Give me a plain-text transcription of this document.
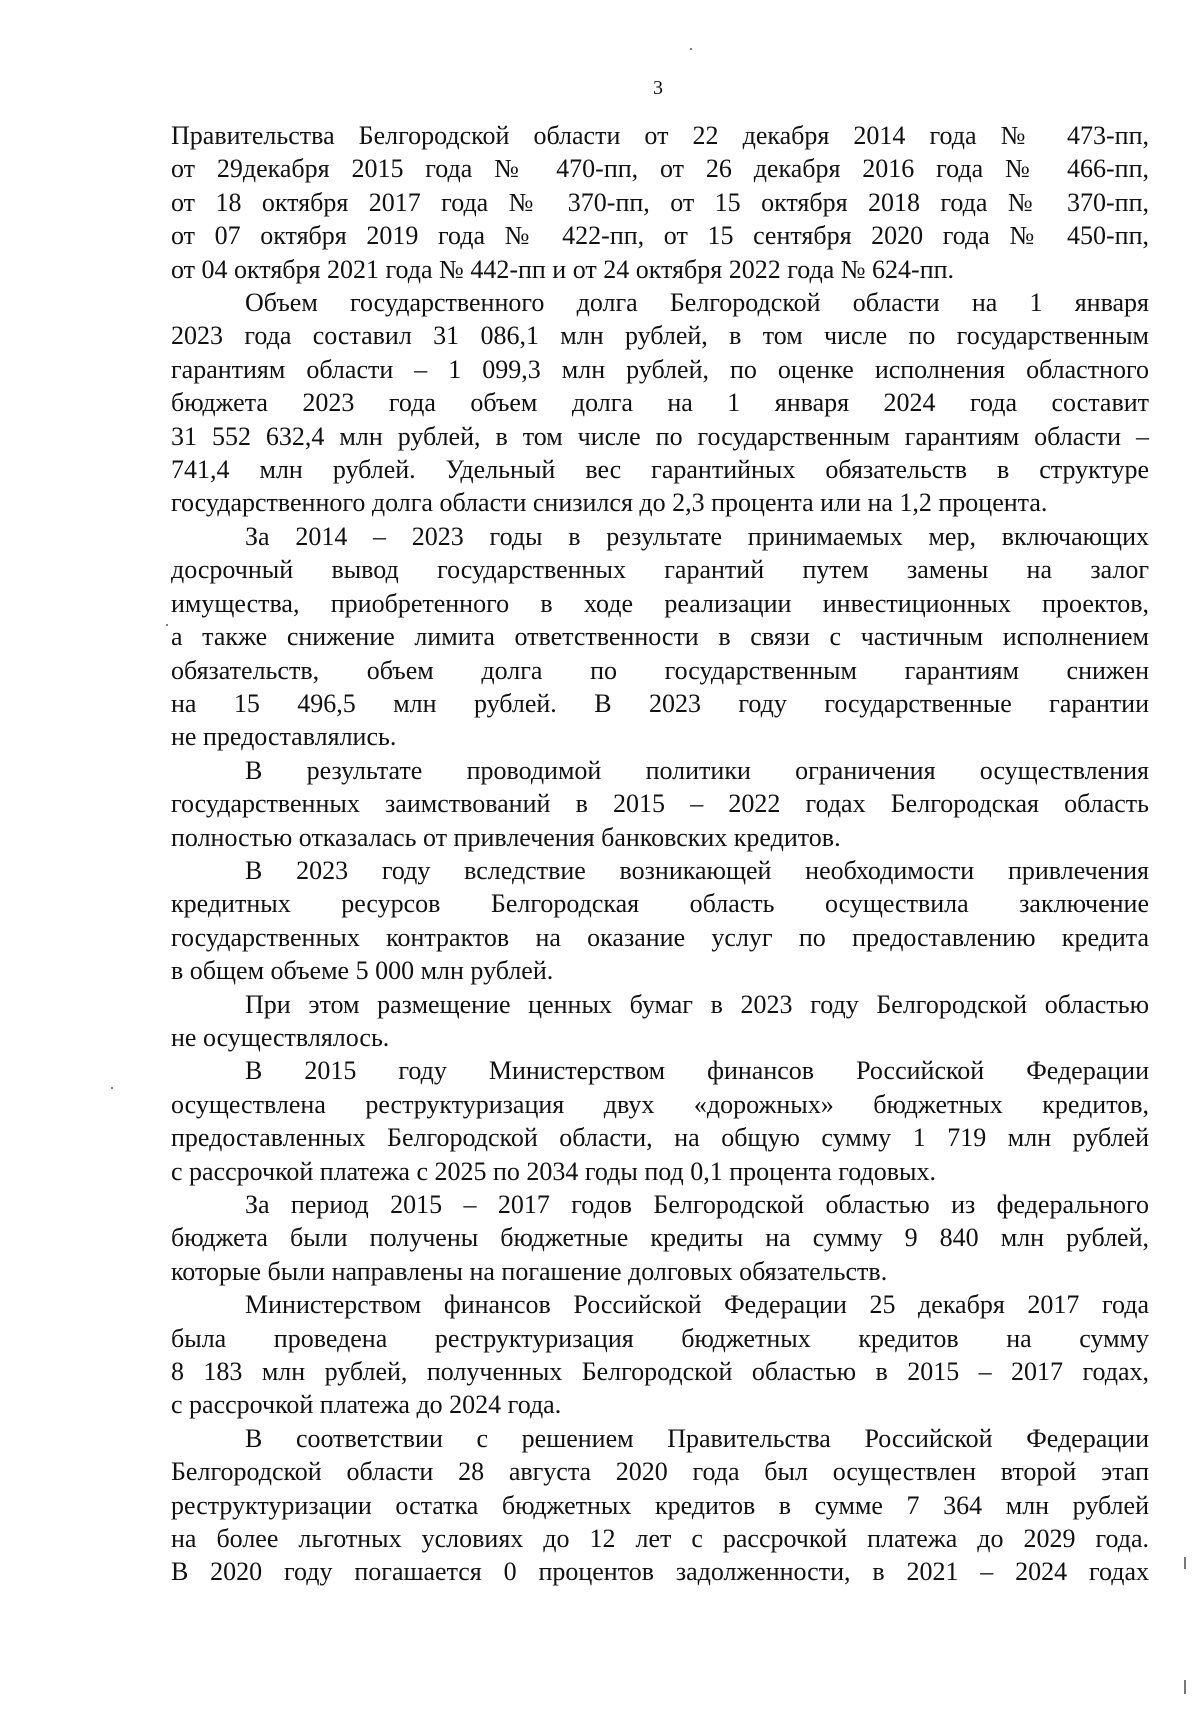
3

Правительства Белгородской области от 22 декабря 2014 года № 473-пп,
от 29декабря 2015 года № 470-пп, от 26 декабря 2016 года № 466-пп,
от 18 октября 2017 года № 370-пп, от 15 октября 2018 года № 370-пп,
от 07 октября 2019 года № 422-пп, от 15 сентября 2020 года № 450-пп,
от 04 октября 2021 года № 442-пп и от 24 октября 2022 года № 624-пп.

Объем государственного долга Белгородской области на 1 января
2023 года составил 31 086,1 млн рублей, в том числе по государственным
гарантиям области – 1 099,3 млн рублей, по оценке исполнения областного
бюджета 2023 года объем долга на 1 января 2024 года составит
31 552 632,4 млн рублей, в том числе по государственным гарантиям области –
741,4 млн рублей. Удельный вес гарантийных обязательств в структуре
государственного долга области снизился до 2,3 процента или на 1,2 процента.

За 2014 – 2023 годы в результате принимаемых мер, включающих
досрочный вывод государственных гарантий путем замены на залог
имущества, приобретенного в ходе реализации инвестиционных проектов,
а также снижение лимита ответственности в связи с частичным исполнением
обязательств, объем долга по государственным гарантиям снижен
на 15 496,5 млн рублей. В 2023 году государственные гарантии
не предоставлялись.

В результате проводимой политики ограничения осуществления
государственных заимствований в 2015 – 2022 годах Белгородская область
полностью отказалась от привлечения банковских кредитов.

В 2023 году вследствие возникающей необходимости привлечения
кредитных ресурсов Белгородская область осуществила заключение
государственных контрактов на оказание услуг по предоставлению кредита
в общем объеме 5 000 млн рублей.

При этом размещение ценных бумаг в 2023 году Белгородской областью
не осуществлялось.

В 2015 году Министерством финансов Российской Федерации
осуществлена реструктуризация двух «дорожных» бюджетных кредитов,
предоставленных Белгородской области, на общую сумму 1 719 млн рублей
с рассрочкой платежа с 2025 по 2034 годы под 0,1 процента годовых.

За период 2015 – 2017 годов Белгородской областью из федерального
бюджета были получены бюджетные кредиты на сумму 9 840 млн рублей,
которые были направлены на погашение долговых обязательств.

Министерством финансов Российской Федерации 25 декабря 2017 года
была проведена реструктуризация бюджетных кредитов на сумму
8 183 млн рублей, полученных Белгородской областью в 2015 – 2017 годах,
с рассрочкой платежа до 2024 года.

В соответствии с решением Правительства Российской Федерации
Белгородской области 28 августа 2020 года был осуществлен второй этап
реструктуризации остатка бюджетных кредитов в сумме 7 364 млн рублей
на более льготных условиях до 12 лет с рассрочкой платежа до 2029 года.
В 2020 году погашается 0 процентов задолженности, в 2021 – 2024 годах
